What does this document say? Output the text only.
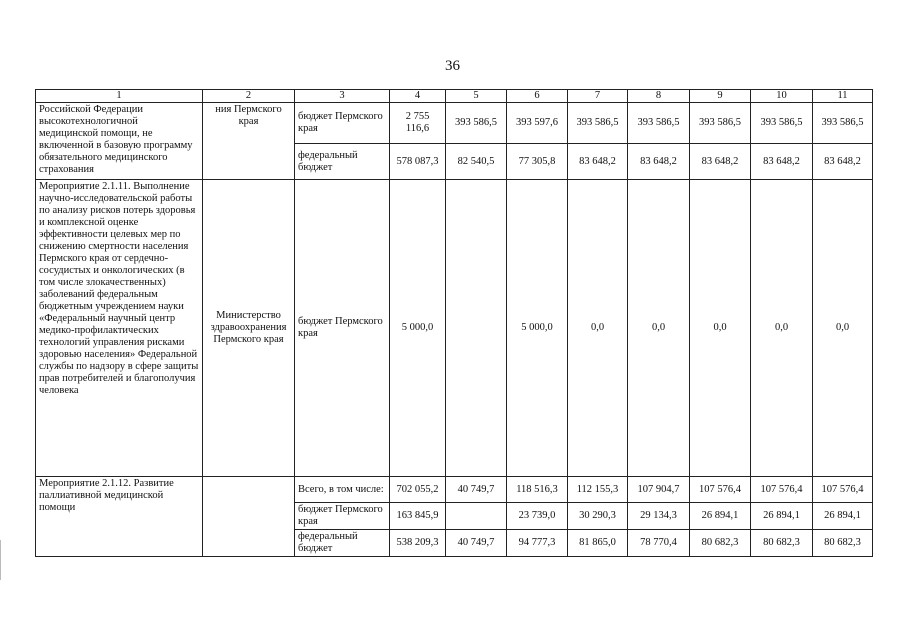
36
1	2	3	4	5	6	7	8	9	10	11
Российской Федерации высокотехнологичной медицинской помощи, не включенной в базовую программу обязательного медицинского страхования	ния Пермского края	бюджет Пермского края	2 755 116,6	393 586,5	393 597,6	393 586,5	393 586,5	393 586,5	393 586,5	393 586,5
		федеральный бюджет	578 087,3	82 540,5	77 305,8	83 648,2	83 648,2	83 648,2	83 648,2	83 648,2
Мероприятие 2.1.11. Выполнение научно-исследовательской работы по анализу рисков потерь здоровья и комплексной оценке эффективности целевых мер по снижению смертности населения Пермского края от сердечно-сосудистых и онкологических (в том числе злокачественных) заболеваний федеральным бюджетным учреждением науки «Федеральный научный центр медико-профилактических технологий управления рисками здоровью населения» Федеральной службы по надзору в сфере защиты прав потребителей и благополучия человека	Министерство здравоохранения Пермского края	бюджет Пермского края	5 000,0		5 000,0	0,0	0,0	0,0	0,0	0,0
Мероприятие 2.1.12. Развитие паллиативной медицинской помощи		Всего, в том числе:	702 055,2	40 749,7	118 516,3	112 155,3	107 904,7	107 576,4	107 576,4	107 576,4
		бюджет Пермского края	163 845,9		23 739,0	30 290,3	29 134,3	26 894,1	26 894,1	26 894,1
		федеральный бюджет	538 209,3	40 749,7	94 777,3	81 865,0	78 770,4	80 682,3	80 682,3	80 682,3
